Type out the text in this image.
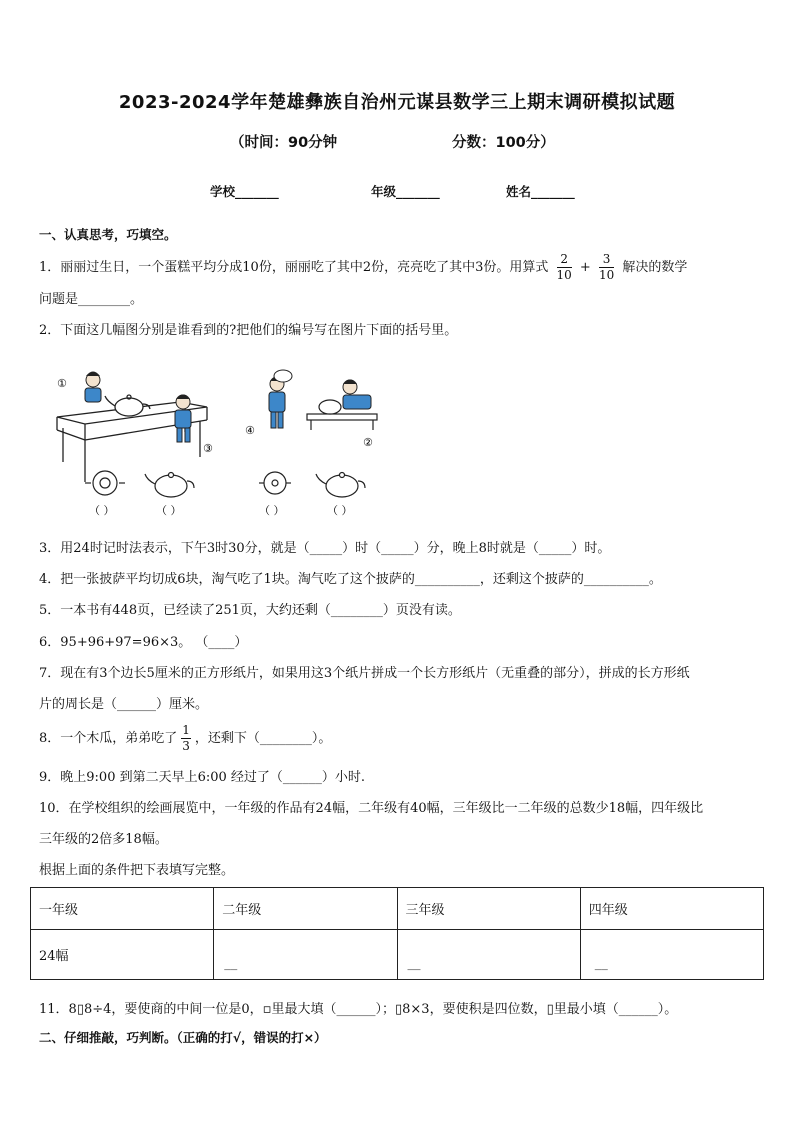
2023-2024学年楚雄彝族自治州元谋县数学三上期末调研模拟试题
（时间：90分钟	分数：100分）
学校_______	年级_______	姓名_______
一、认真思考，巧填空。
1．丽丽过生日，一个蛋糕平均分成10份，丽丽吃了其中2份，亮亮吃了其中3份。用算式 $\frac{2}{10} + \frac{3}{10}$ 解决的数学
问题是________。
2．下面这几幅图分别是谁看到的?把他们的编号写在图片下面的括号里。
①
③
④
②
（ ）	（ ）	（ ）	（ ）
3．用24时记时法表示，下午3时30分，就是（_____）时（_____）分，晚上8时就是（_____）时。
4．把一张披萨平均切成6块，淘气吃了1块。淘气吃了这个披萨的__________，还剩这个披萨的__________。
5．一本书有448页，已经读了251页，大约还剩（________）页没有读。
6．95+96+97=96×3。 （____）
7．现在有3个边长5厘米的正方形纸片，如果用这3个纸片拼成一个长方形纸片（无重叠的部分），拼成的长方形纸
片的周长是（______）厘米。
8．一个木瓜，弟弟吃了 $\frac{1}{3}$ ，还剩下（________）。
9．晚上9:00 到第二天早上6:00 经过了（______）小时.
10．在学校组织的绘画展览中，一年级的作品有24幅，二年级有40幅，三年级比一二年级的总数少18幅，四年级比
三年级的2倍多18幅。
根据上面的条件把下表填写完整。
一年级	二年级	三年级	四年级
24幅	__	__	__
11．8▯8÷4，要使商的中间一位是0，▫里最大填（______）；▯8×3，要使积是四位数，▯里最小填（______）。
二、仔细推敲，巧判断。（正确的打√，错误的打×）
